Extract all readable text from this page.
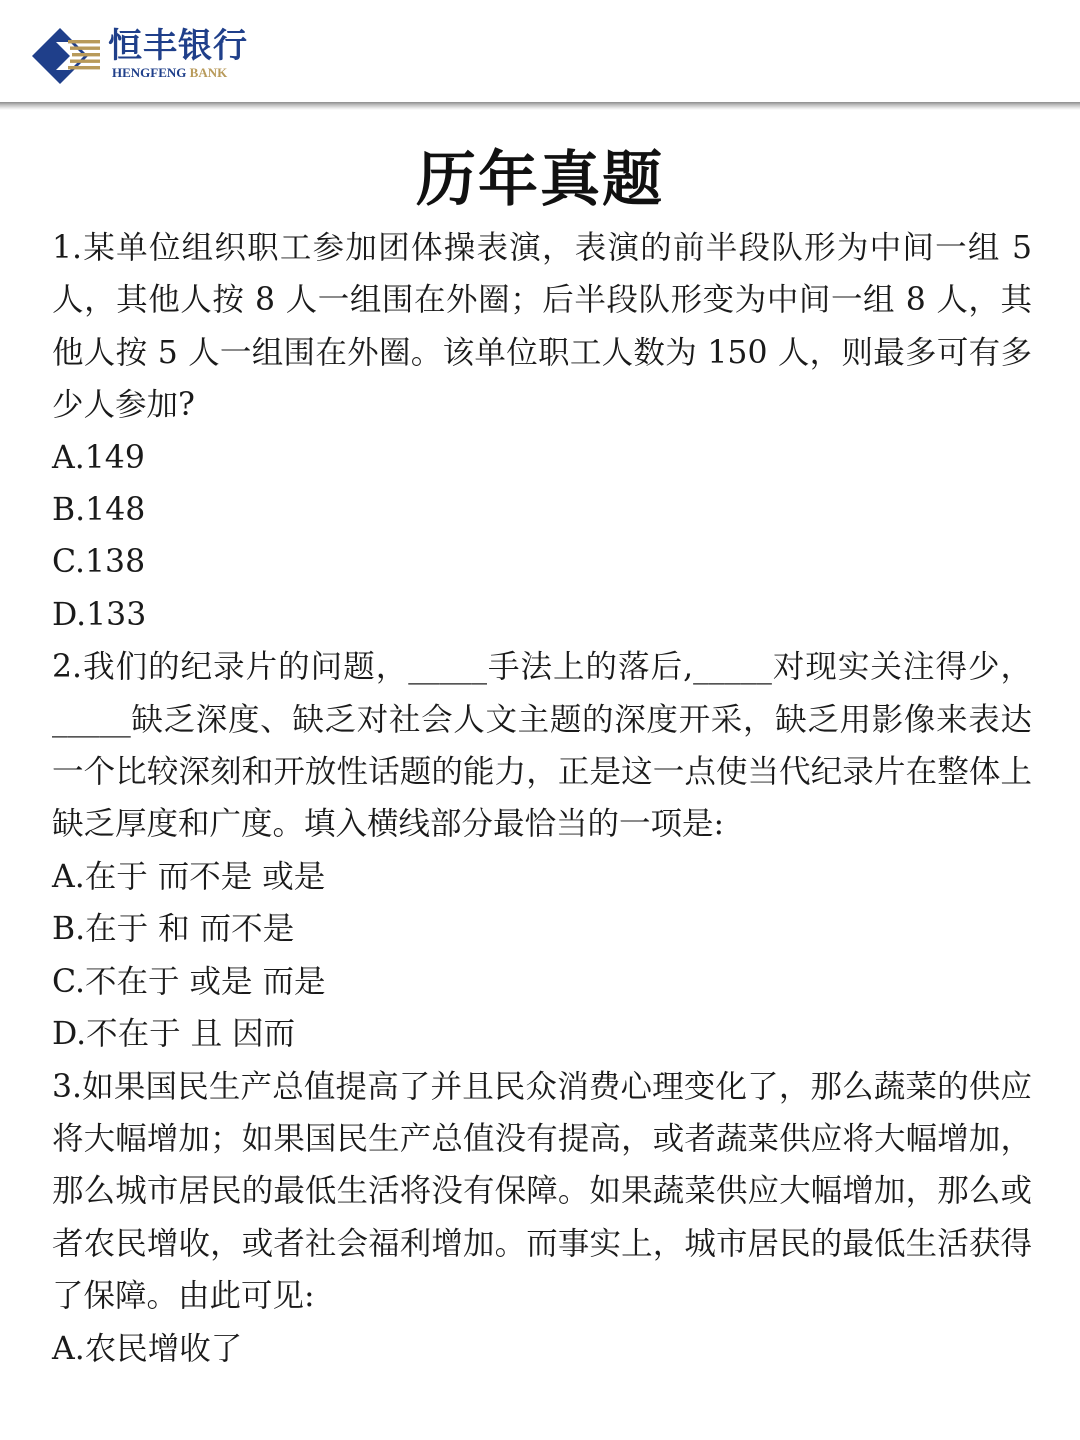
恒丰银行
HENGFENG BANK
历年真题

1.某单位组织职工参加团体操表演，表演的前半段队形为中间一组 5 人，其他人按 8 人一组围在外圈；后半段队形变为中间一组 8 人，其他人按 5 人一组围在外圈。该单位职工人数为 150 人，则最多可有多少人参加?

A.149
B.148
C.138
D.133

2.我们的纪录片的问题，_____手法上的落后,_____对现实关注得少，_____缺乏深度、缺乏对社会人文主题的深度开采，缺乏用影像来表达一个比较深刻和开放性话题的能力，正是这一点使当代纪录片在整体上缺乏厚度和广度。填入横线部分最恰当的一项是:

A.在于 而不是 或是
B.在于 和 而不是
C.不在于 或是 而是
D.不在于 且 因而

3.如果国民生产总值提高了并且民众消费心理变化了，那么蔬菜的供应将大幅增加；如果国民生产总值没有提高，或者蔬菜供应将大幅增加，那么城市居民的最低生活将没有保障。如果蔬菜供应大幅增加，那么或者农民增收，或者社会福利增加。而事实上，城市居民的最低生活获得了保障。由此可见:

A.农民增收了
